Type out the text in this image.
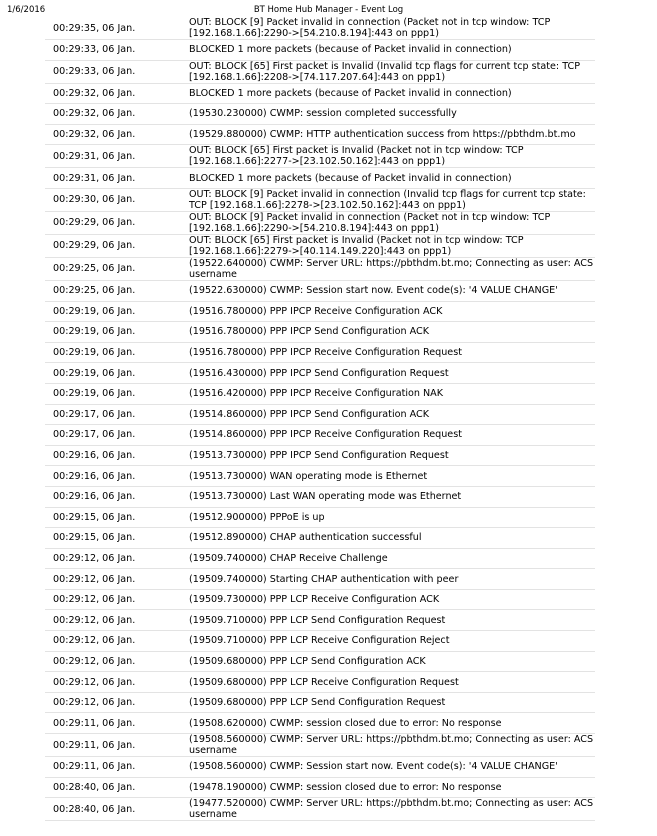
1/6/2016	BT Home Hub Manager - Event Log
00:29:35, 06 Jan.	OUT: BLOCK [9] Packet invalid in connection (Packet not in tcp window: TCP [192.168.1.66]:2290->[54.210.8.194]:443 on ppp1)
00:29:33, 06 Jan.	BLOCKED 1 more packets (because of Packet invalid in connection)
00:29:33, 06 Jan.	OUT: BLOCK [65] First packet is Invalid (Invalid tcp flags for current tcp state: TCP [192.168.1.66]:2208->[74.117.207.64]:443 on ppp1)
00:29:32, 06 Jan.	BLOCKED 1 more packets (because of Packet invalid in connection)
00:29:32, 06 Jan.	(19530.230000) CWMP: session completed successfully
00:29:32, 06 Jan.	(19529.880000) CWMP: HTTP authentication success from https://pbthdm.bt.mo
00:29:31, 06 Jan.	OUT: BLOCK [65] First packet is Invalid (Packet not in tcp window: TCP [192.168.1.66]:2277->[23.102.50.162]:443 on ppp1)
00:29:31, 06 Jan.	BLOCKED 1 more packets (because of Packet invalid in connection)
00:29:30, 06 Jan.	OUT: BLOCK [9] Packet invalid in connection (Invalid tcp flags for current tcp state: TCP [192.168.1.66]:2278->[23.102.50.162]:443 on ppp1)
00:29:29, 06 Jan.	OUT: BLOCK [9] Packet invalid in connection (Packet not in tcp window: TCP [192.168.1.66]:2290->[54.210.8.194]:443 on ppp1)
00:29:29, 06 Jan.	OUT: BLOCK [65] First packet is Invalid (Packet not in tcp window: TCP [192.168.1.66]:2279->[40.114.149.220]:443 on ppp1)
00:29:25, 06 Jan.	(19522.640000) CWMP: Server URL: https://pbthdm.bt.mo; Connecting as user: ACS username
00:29:25, 06 Jan.	(19522.630000) CWMP: Session start now. Event code(s): '4 VALUE CHANGE'
00:29:19, 06 Jan.	(19516.780000) PPP IPCP Receive Configuration ACK
00:29:19, 06 Jan.	(19516.780000) PPP IPCP Send Configuration ACK
00:29:19, 06 Jan.	(19516.780000) PPP IPCP Receive Configuration Request
00:29:19, 06 Jan.	(19516.430000) PPP IPCP Send Configuration Request
00:29:19, 06 Jan.	(19516.420000) PPP IPCP Receive Configuration NAK
00:29:17, 06 Jan.	(19514.860000) PPP IPCP Send Configuration ACK
00:29:17, 06 Jan.	(19514.860000) PPP IPCP Receive Configuration Request
00:29:16, 06 Jan.	(19513.730000) PPP IPCP Send Configuration Request
00:29:16, 06 Jan.	(19513.730000) WAN operating mode is Ethernet
00:29:16, 06 Jan.	(19513.730000) Last WAN operating mode was Ethernet
00:29:15, 06 Jan.	(19512.900000) PPPoE is up
00:29:15, 06 Jan.	(19512.890000) CHAP authentication successful
00:29:12, 06 Jan.	(19509.740000) CHAP Receive Challenge
00:29:12, 06 Jan.	(19509.740000) Starting CHAP authentication with peer
00:29:12, 06 Jan.	(19509.730000) PPP LCP Receive Configuration ACK
00:29:12, 06 Jan.	(19509.710000) PPP LCP Send Configuration Request
00:29:12, 06 Jan.	(19509.710000) PPP LCP Receive Configuration Reject
00:29:12, 06 Jan.	(19509.680000) PPP LCP Send Configuration ACK
00:29:12, 06 Jan.	(19509.680000) PPP LCP Receive Configuration Request
00:29:12, 06 Jan.	(19509.680000) PPP LCP Send Configuration Request
00:29:11, 06 Jan.	(19508.620000) CWMP: session closed due to error: No response
00:29:11, 06 Jan.	(19508.560000) CWMP: Server URL: https://pbthdm.bt.mo; Connecting as user: ACS username
00:29:11, 06 Jan.	(19508.560000) CWMP: Session start now. Event code(s): '4 VALUE CHANGE'
00:28:40, 06 Jan.	(19478.190000) CWMP: session closed due to error: No response
00:28:40, 06 Jan.	(19477.520000) CWMP: Server URL: https://pbthdm.bt.mo; Connecting as user: ACS username
